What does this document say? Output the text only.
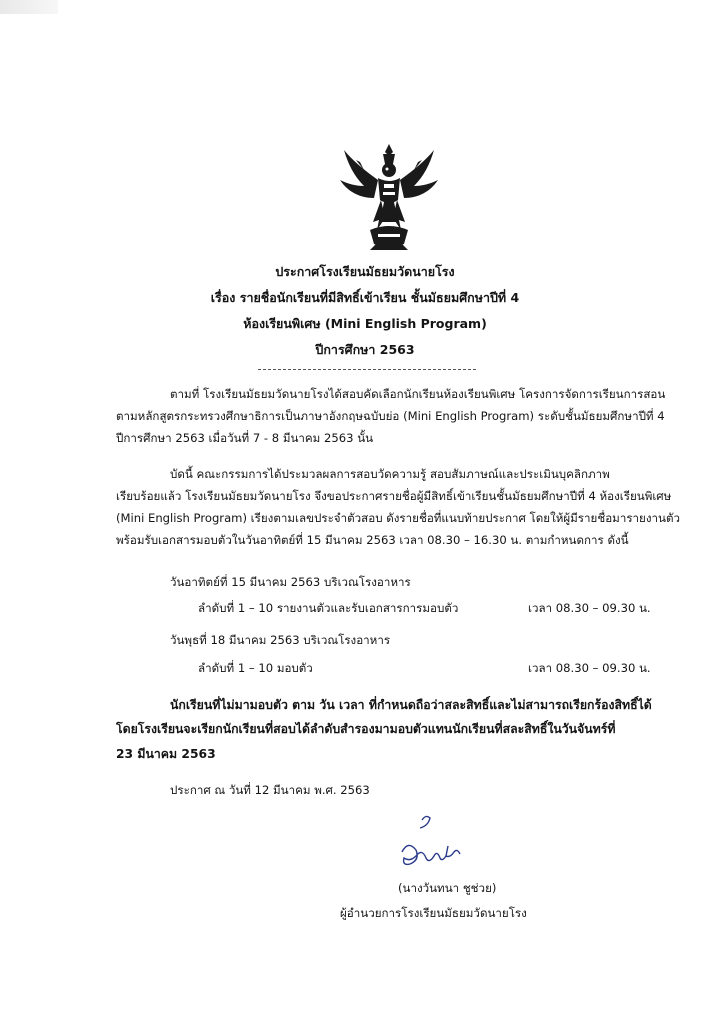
ประกาศโรงเรียนมัธยมวัดนายโรง
เรื่อง รายชื่อนักเรียนที่มีสิทธิ์เข้าเรียน ชั้นมัธยมศึกษาปีที่ 4
ห้องเรียนพิเศษ (Mini English Program)
ปีการศึกษา 2563
ตามที่ โรงเรียนมัธยมวัดนายโรงได้สอบคัดเลือกนักเรียนห้องเรียนพิเศษ โครงการจัดการเรียนการสอน
ตามหลักสูตรกระทรวงศึกษาธิการเป็นภาษาอังกฤษฉบับย่อ (Mini English Program) ระดับชั้นมัธยมศึกษาปีที่ 4
ปีการศึกษา 2563 เมื่อวันที่ 7 - 8 มีนาคม 2563 นั้น
บัดนี้ คณะกรรมการได้ประมวลผลการสอบวัดความรู้ สอบสัมภาษณ์และประเมินบุคลิกภาพ
เรียบร้อยแล้ว โรงเรียนมัธยมวัดนายโรง จึงขอประกาศรายชื่อผู้มีสิทธิ์เข้าเรียนชั้นมัธยมศึกษาปีที่ 4 ห้องเรียนพิเศษ
(Mini English Program) เรียงตามเลขประจำตัวสอบ ดังรายชื่อที่แนบท้ายประกาศ โดยให้ผู้มีรายชื่อมารายงานตัว
พร้อมรับเอกสารมอบตัวในวันอาทิตย์ที่ 15 มีนาคม 2563 เวลา 08.30 – 16.30 น. ตามกำหนดการ ดังนี้
วันอาทิตย์ที่ 15 มีนาคม 2563 บริเวณโรงอาหาร
ลำดับที่ 1 – 10 รายงานตัวและรับเอกสารการมอบตัว	เวลา 08.30 – 09.30 น.
วันพุธที่ 18 มีนาคม 2563 บริเวณโรงอาหาร
ลำดับที่ 1 – 10 มอบตัว	เวลา 08.30 – 09.30 น.
นักเรียนที่ไม่มามอบตัว ตาม วัน เวลา ที่กำหนดถือว่าสละสิทธิ์และไม่สามารถเรียกร้องสิทธิ์ได้
โดยโรงเรียนจะเรียกนักเรียนที่สอบได้ลำดับสำรองมามอบตัวแทนนักเรียนที่สละสิทธิ์ในวันจันทร์ที่
23 มีนาคม 2563
ประกาศ ณ วันที่ 12 มีนาคม พ.ศ. 2563
(นางวันทนา ชูช่วย)
ผู้อำนวยการโรงเรียนมัธยมวัดนายโรง
